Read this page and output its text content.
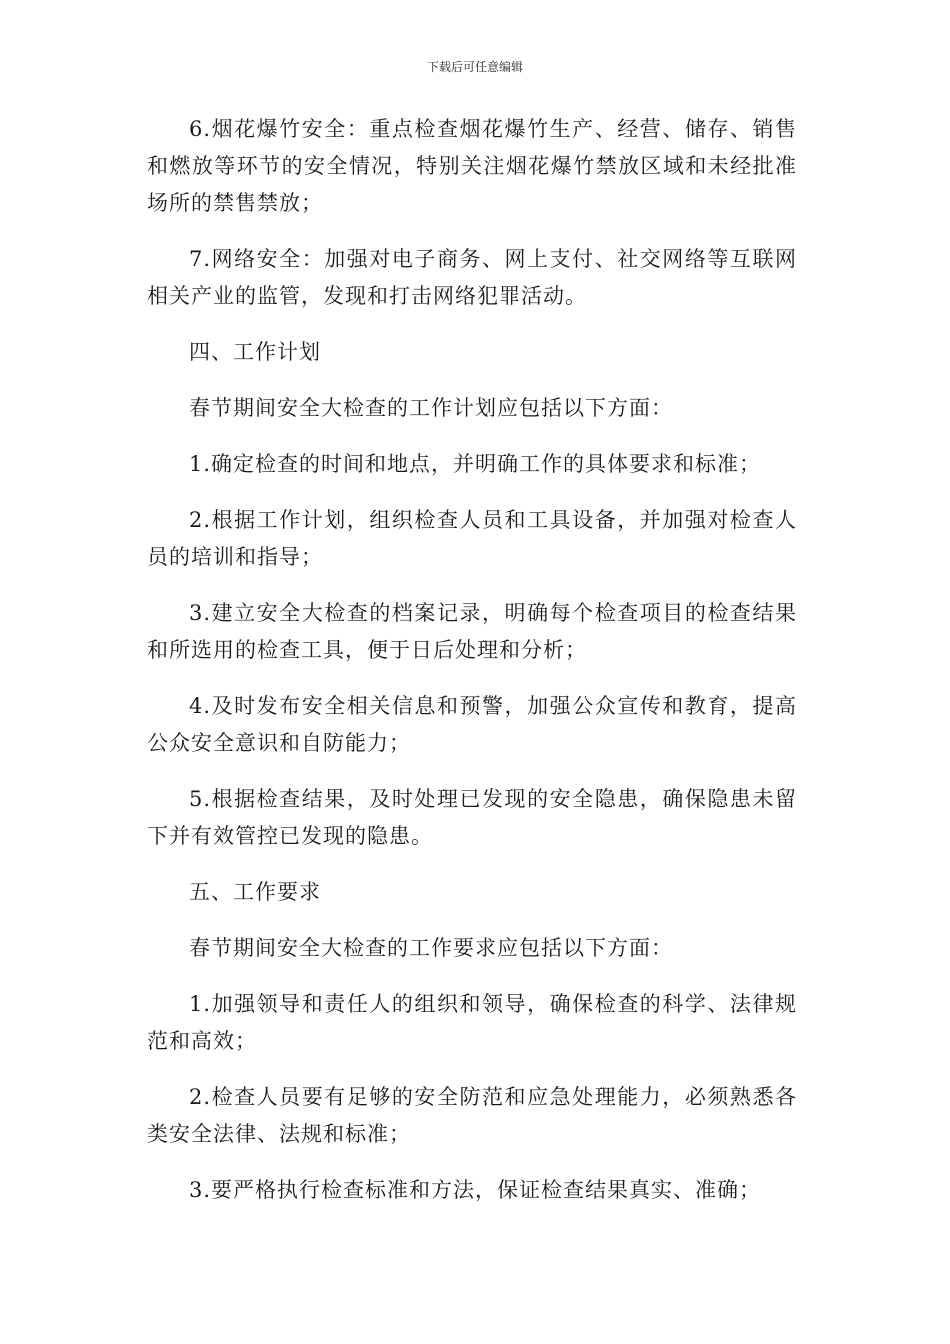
下载后可任意编辑

6.烟花爆竹安全：重点检查烟花爆竹生产、经营、储存、销售和燃放等环节的安全情况，特别关注烟花爆竹禁放区域和未经批准场所的禁售禁放；

7.网络安全：加强对电子商务、网上支付、社交网络等互联网相关产业的监管，发现和打击网络犯罪活动。

四、工作计划

春节期间安全大检查的工作计划应包括以下方面：

1.确定检查的时间和地点，并明确工作的具体要求和标准；

2.根据工作计划，组织检查人员和工具设备，并加强对检查人员的培训和指导；

3.建立安全大检查的档案记录，明确每个检查项目的检查结果和所选用的检查工具，便于日后处理和分析；

4.及时发布安全相关信息和预警，加强公众宣传和教育，提高公众安全意识和自防能力；

5.根据检查结果，及时处理已发现的安全隐患，确保隐患未留下并有效管控已发现的隐患。

五、工作要求

春节期间安全大检查的工作要求应包括以下方面：

1.加强领导和责任人的组织和领导，确保检查的科学、法律规范和高效；

2.检查人员要有足够的安全防范和应急处理能力，必须熟悉各类安全法律、法规和标准；

3.要严格执行检查标准和方法，保证检查结果真实、准确；
